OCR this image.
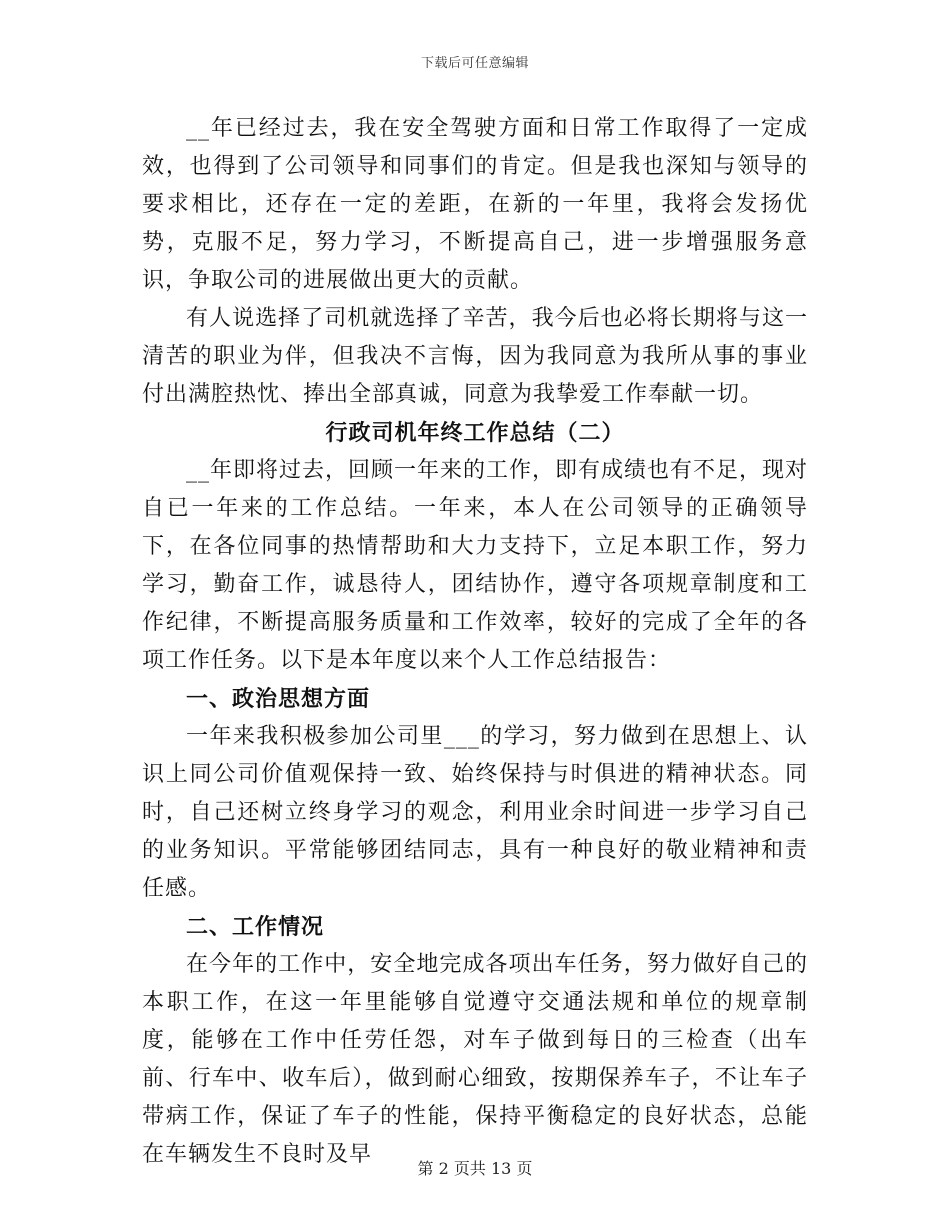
下载后可任意编辑

__年已经过去，我在安全驾驶方面和日常工作取得了一定成效，也得到了公司领导和同事们的肯定。但是我也深知与领导的要求相比，还存在一定的差距，在新的一年里，我将会发扬优势，克服不足，努力学习，不断提高自己，进一步增强服务意识，争取公司的进展做出更大的贡献。

有人说选择了司机就选择了辛苦，我今后也必将长期将与这一清苦的职业为伴，但我决不言悔，因为我同意为我所从事的事业付出满腔热忱、捧出全部真诚，同意为我挚爱工作奉献一切。

行政司机年终工作总结（二）

__年即将过去，回顾一年来的工作，即有成绩也有不足，现对自已一年来的工作总结。一年来，本人在公司领导的正确领导下，在各位同事的热情帮助和大力支持下，立足本职工作，努力学习，勤奋工作，诚恳待人，团结协作，遵守各项规章制度和工作纪律，不断提高服务质量和工作效率，较好的完成了全年的各项工作任务。以下是本年度以来个人工作总结报告：

一、政治思想方面

一年来我积极参加公司里___的学习，努力做到在思想上、认识上同公司价值观保持一致、始终保持与时俱进的精神状态。同时，自己还树立终身学习的观念，利用业余时间进一步学习自己的业务知识。平常能够团结同志，具有一种良好的敬业精神和责任感。

二、工作情况

在今年的工作中，安全地完成各项出车任务，努力做好自己的本职工作，在这一年里能够自觉遵守交通法规和单位的规章制度，能够在工作中任劳任怨，对车子做到每日的三检查（出车前、行车中、收车后），做到耐心细致，按期保养车子，不让车子带病工作，保证了车子的性能，保持平衡稳定的良好状态，总能在车辆发生不良时及早

第 2 页共 13 页
